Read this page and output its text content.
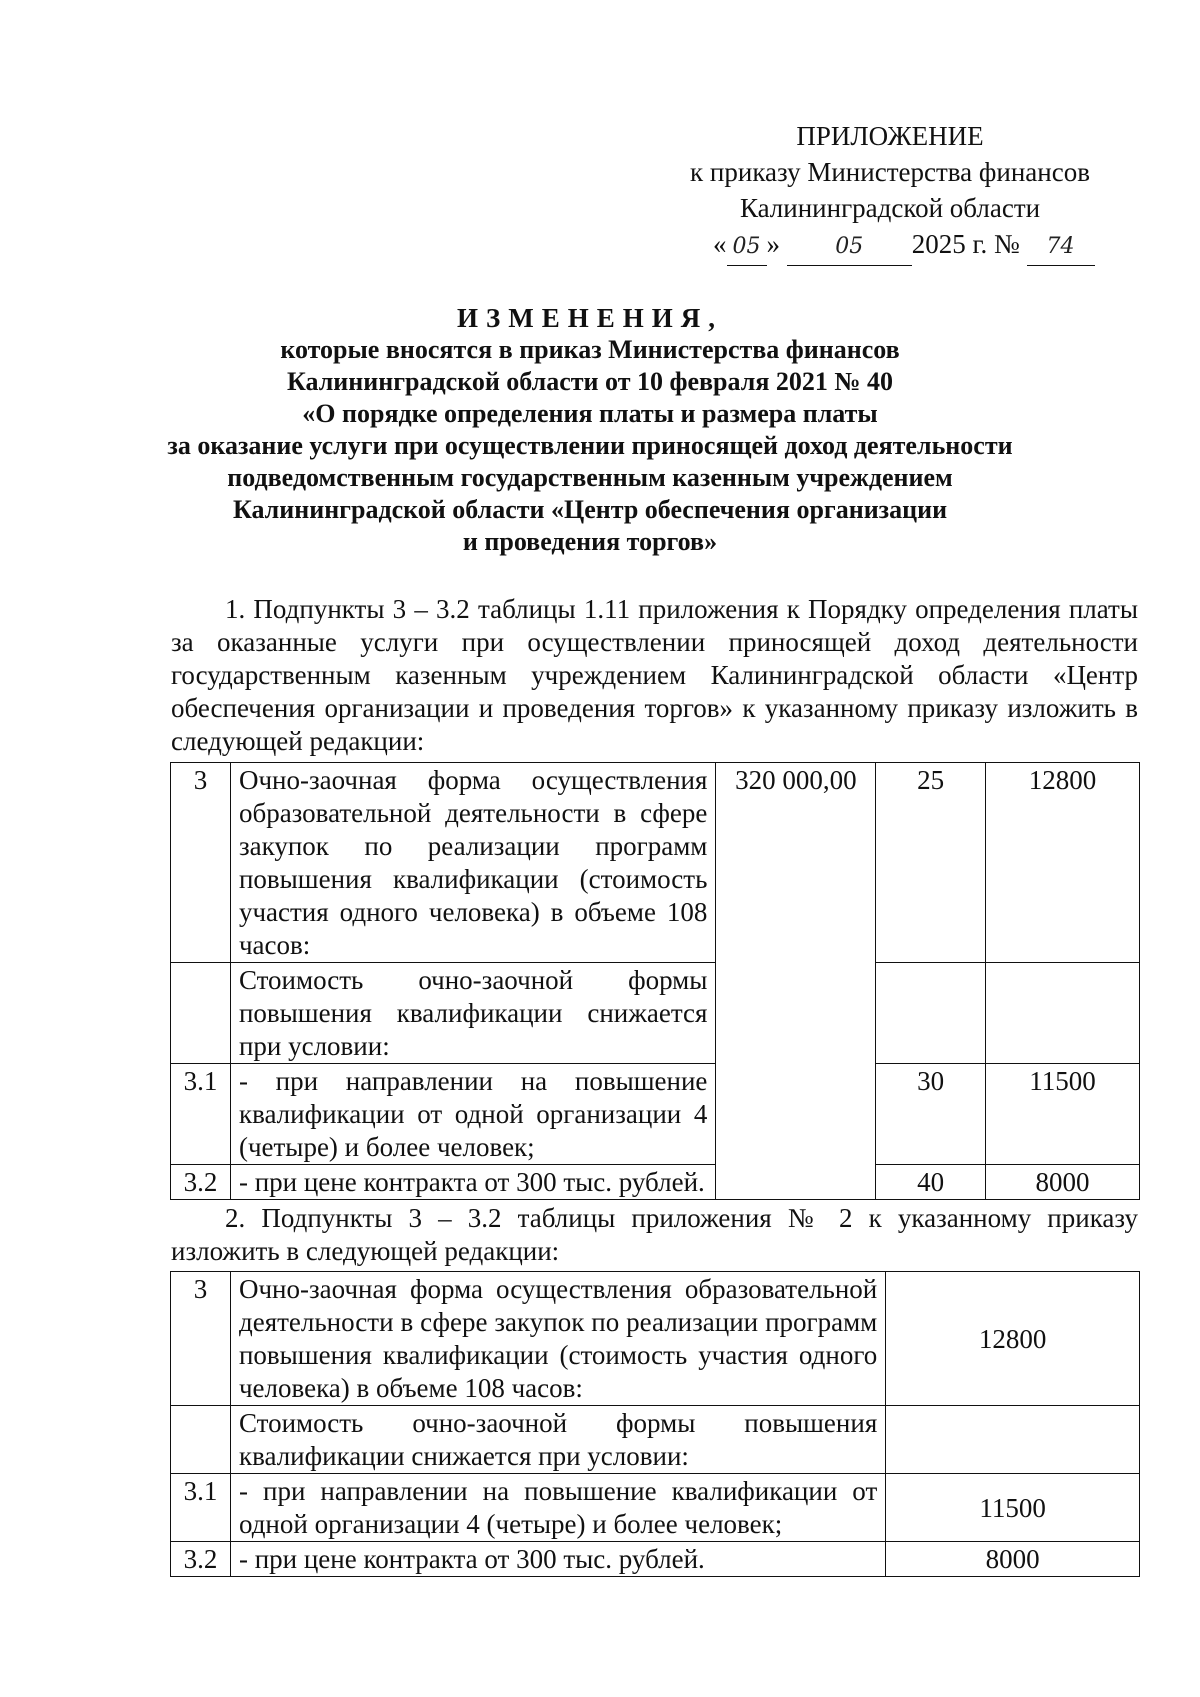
ПРИЛОЖЕНИЕ
к приказу Министерства финансов
Калининградской области
« 05 »	05 2025 г. № 74
ИЗМЕНЕНИЯ,
которые вносятся в приказ Министерства финансов
Калининградской области от 10 февраля 2021 № 40
«О порядке определения платы и размера платы
за оказание услуги при осуществлении приносящей доход деятельности
подведомственным государственным казенным учреждением
Калининградской области «Центр обеспечения организации
и проведения торгов»
1. Подпункты 3 – 3.2 таблицы 1.11 приложения к Порядку определения платы за оказанные услуги при осуществлении приносящей доход деятельности государственным казенным учреждением Калининградской области «Центр обеспечения организации и проведения торгов» к указанному приказу изложить в следующей редакции:
3	Очно-заочная форма осуществления образовательной деятельности в сфере закупок по реализации программ повышения квалификации (стоимость участия одного человека) в объеме 108 часов:	320 000,00	25	12800
	Стоимость очно-заочной формы повышения квалификации снижается при условии:			
3.1	- при направлении на повышение квалификации от одной организации 4 (четыре) и более человек;		30	11500
3.2	- при цене контракта от 300 тыс. рублей.		40	8000
2. Подпункты 3 – 3.2 таблицы приложения № 2 к указанному приказу изложить в следующей редакции:
3	Очно-заочная форма осуществления образовательной деятельности в сфере закупок по реализации программ повышения квалификации (стоимость участия одного человека) в объеме 108 часов:	12800
	Стоимость очно-заочной формы повышения квалификации снижается при условии:	
3.1	- при направлении на повышение квалификации от одной организации 4 (четыре) и более человек;	11500
3.2	- при цене контракта от 300 тыс. рублей.	8000
